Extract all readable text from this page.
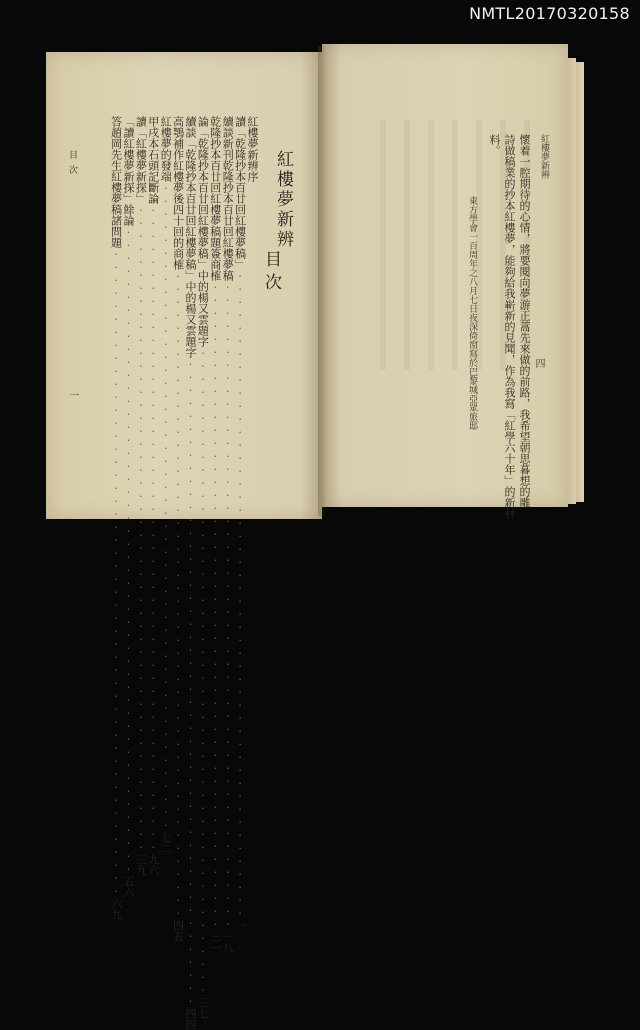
NMTL20170320158
紅樓夢新辨
目次
紅樓夢新辨序
讀「乾隆抄本百廿回紅樓夢稿」
··················································
一
續談新刊乾隆抄本百廿回紅樓夢稿
··················································
一八
乾隆抄本百廿回紅樓夢稿題簽商榷
··················································
三一
論「乾隆抄本百廿回紅樓夢稿」中的楊又雲題字
··················································
三七
續談「乾隆抄本百廿回紅樓夢稿」中的楊又雲題字
··················································
四四
高鶚補作紅樓夢後四十回的商榷
··················································
四五
紅樓夢的發端
··················································
七二
甲戌本石頭記斷論
··················································
九六
讀「紅樓夢新探」
··················································
三九
「讀紅樓夢新探」餘論
··················································
五六
答趙岡先生紅樓夢稿諸問題
··················································
六九
目次
一
紅樓夢新辨
懷着一腔期待的心情，將要閱向夢游正蒿先來做的前路，我希望朝思暮想的雕
詩做稿業的抄本紅樓夢，能夠給我嶄新的見聞，作為我寫「紅學六十年」的新材
料。
東方學會一百周年之八月七日夜深倚窗寫於巴黎城亞眾旅邸	四
